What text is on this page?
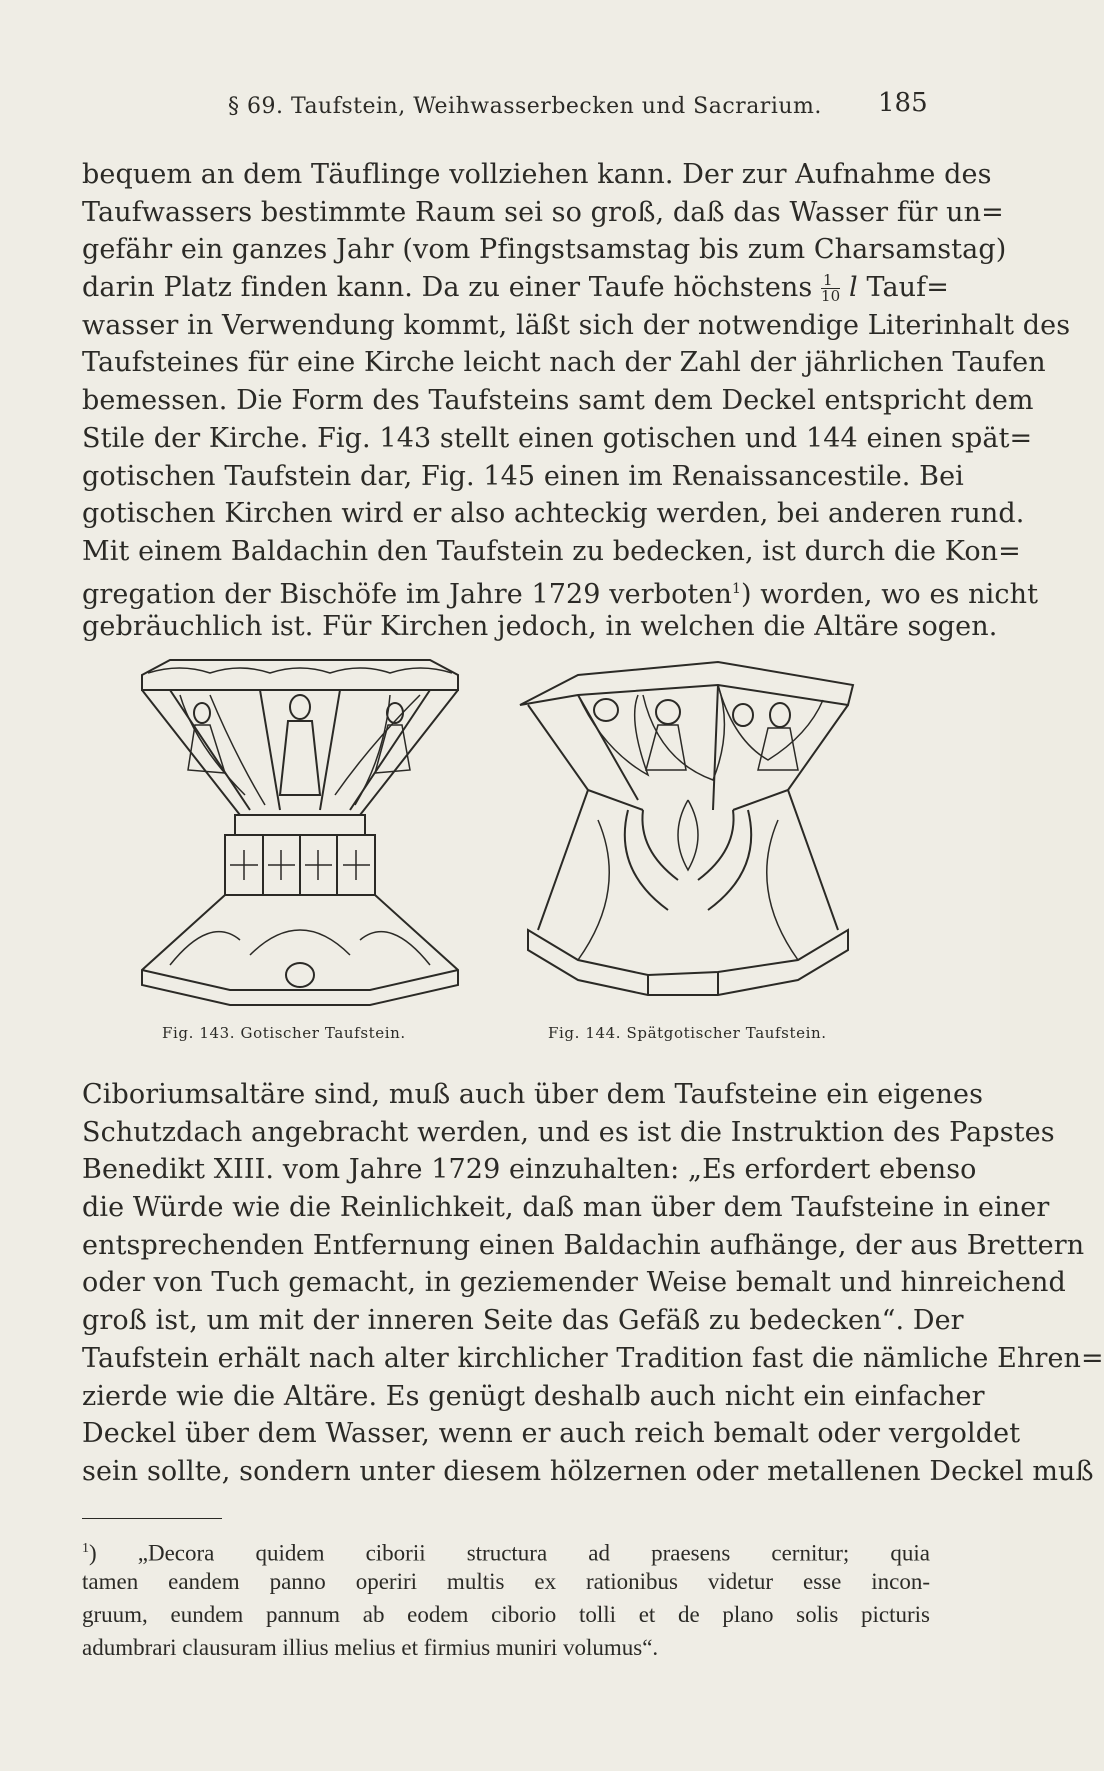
§ 69. Taufstein, Weihwasserbecken und Sacrarium. 185
bequem an dem Täuflinge vollziehen kann. Der zur Aufnahme des
Taufwassers bestimmte Raum sei so groß, daß das Wasser für un=
gefähr ein ganzes Jahr (vom Pfingstsamstag bis zum Charsamstag)
darin Platz finden kann. Da zu einer Taufe höchstens $\frac{1}{10}$ l Tauf=
wasser in Verwendung kommt, läßt sich der notwendige Literinhalt des
Taufsteines für eine Kirche leicht nach der Zahl der jährlichen Taufen
bemessen. Die Form des Taufsteins samt dem Deckel entspricht dem
Stile der Kirche. Fig. 143 stellt einen gotischen und 144 einen spät=
gotischen Taufstein dar, Fig. 145 einen im Renaissancestile. Bei
gotischen Kirchen wird er also achteckig werden, bei anderen rund.
Mit einem Baldachin den Taufstein zu bedecken, ist durch die Kon=
gregation der Bischöfe im Jahre 1729 verboten$^1$) worden, wo es nicht
gebräuchlich ist. Für Kirchen jedoch, in welchen die Altäre sogen.
Fig. 143. Gotischer Taufstein.	Fig. 144. Spätgotischer Taufstein.
Ciboriumsaltäre sind, muß auch über dem Taufsteine ein eigenes
Schutzdach angebracht werden, und es ist die Instruktion des Papstes
Benedikt XIII. vom Jahre 1729 einzuhalten: „Es erfordert ebenso
die Würde wie die Reinlichkeit, daß man über dem Taufsteine in einer
entsprechenden Entfernung einen Baldachin aufhänge, der aus Brettern
oder von Tuch gemacht, in geziemender Weise bemalt und hinreichend
groß ist, um mit der inneren Seite das Gefäß zu bedecken“. Der
Taufstein erhält nach alter kirchlicher Tradition fast die nämliche Ehren=
zierde wie die Altäre. Es genügt deshalb auch nicht ein einfacher
Deckel über dem Wasser, wenn er auch reich bemalt oder vergoldet
sein sollte, sondern unter diesem hölzernen oder metallenen Deckel muß
$^1$) „Decora quidem ciborii structura ad praesens cernitur; quia
tamen eandem panno operiri multis ex rationibus videtur esse incon-
gruum, eundem pannum ab eodem ciborio tolli et de plano solis picturis
adumbrari clausuram illius melius et firmius muniri volumus“.
